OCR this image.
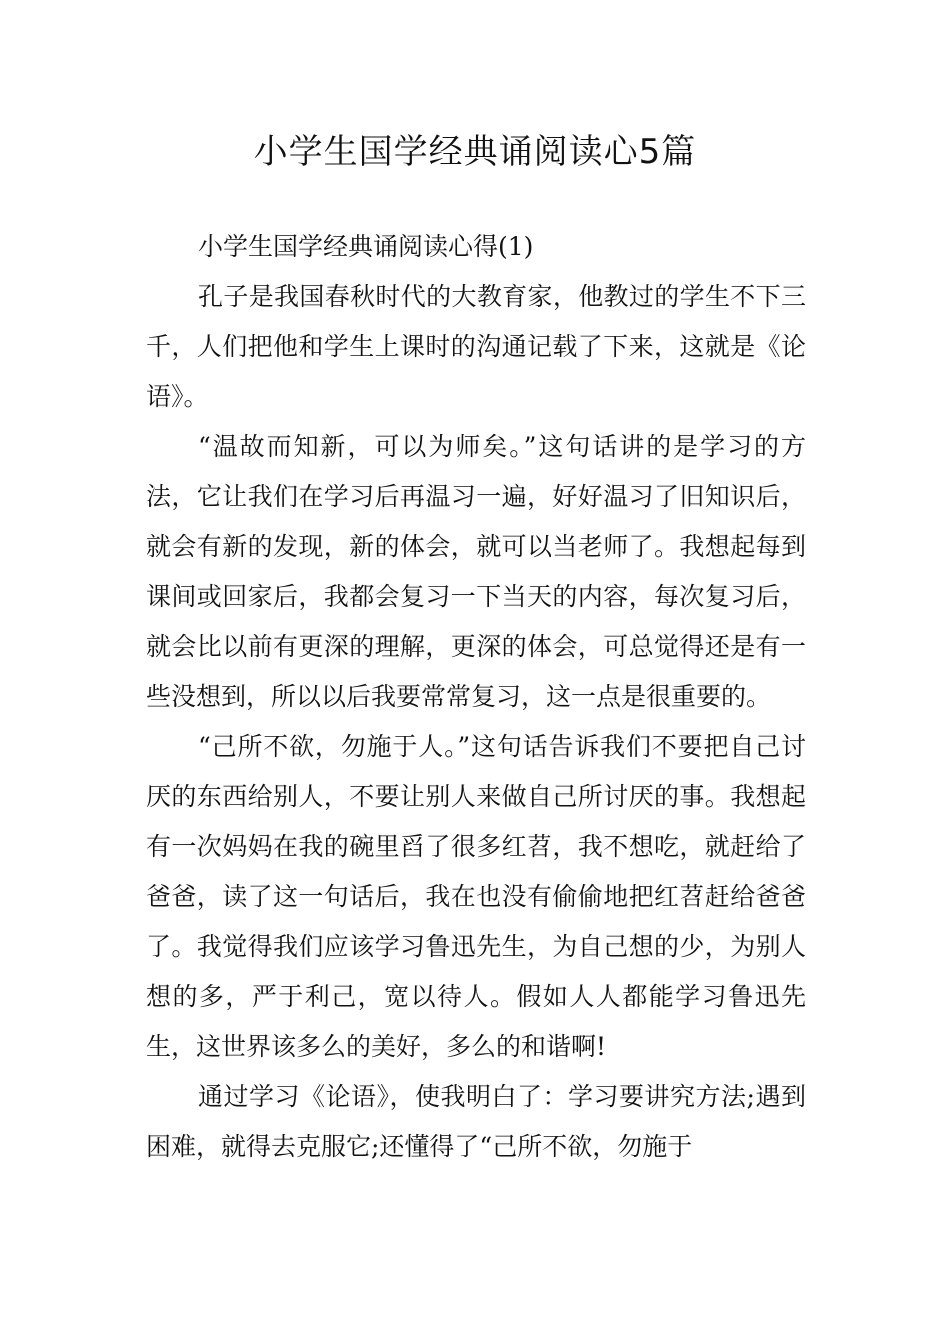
小学生国学经典诵阅读心5篇

小学生国学经典诵阅读心得(1)

孔子是我国春秋时代的大教育家，他教过的学生不下三千，人们把他和学生上课时的沟通记载了下来，这就是《论语》。

“温故而知新，可以为师矣。”这句话讲的是学习的方法，它让我们在学习后再温习一遍，好好温习了旧知识后，就会有新的发现，新的体会，就可以当老师了。我想起每到课间或回家后，我都会复习一下当天的内容，每次复习后，就会比以前有更深的理解，更深的体会，可总觉得还是有一些没想到，所以以后我要常常复习，这一点是很重要的。

“己所不欲，勿施于人。”这句话告诉我们不要把自己讨厌的东西给别人，不要让别人来做自己所讨厌的事。我想起有一次妈妈在我的碗里舀了很多红苕，我不想吃，就赶给了爸爸，读了这一句话后，我在也没有偷偷地把红苕赶给爸爸了。我觉得我们应该学习鲁迅先生，为自己想的少，为别人想的多，严于利己，宽以待人。假如人人都能学习鲁迅先生，这世界该多么的美好，多么的和谐啊!

通过学习《论语》，使我明白了：学习要讲究方法;遇到困难，就得去克服它;还懂得了“己所不欲，勿施于
